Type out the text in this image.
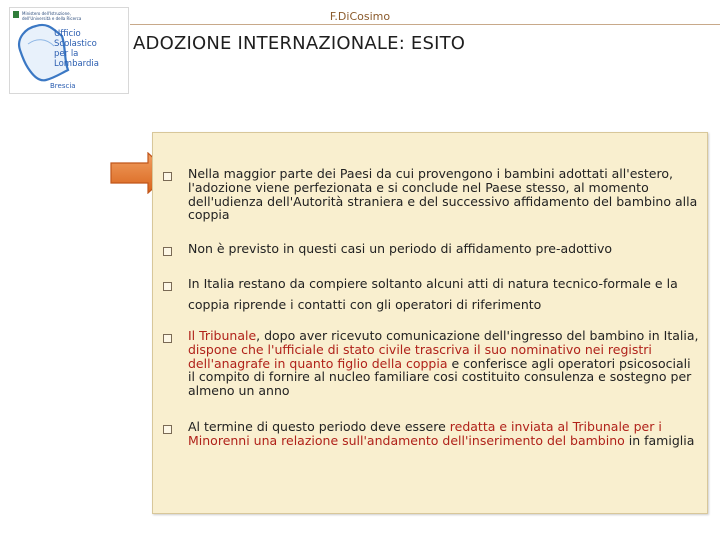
F.DiCosimo
Ministero dell'Istruzione,
dell'Università e della Ricerca
Ufficio
Scolastico
per la
Lombardia
Brescia
ADOZIONE INTERNAZIONALE: ESITO
Nella maggior parte dei Paesi da cui provengono i bambini adottati all'estero, l'adozione viene perfezionata e si conclude nel Paese stesso, al momento dell'udienza dell'Autorità straniera e del successivo affidamento del bambino alla coppia
Non è previsto in questi casi un periodo di affidamento pre-adottivo
In Italia restano da compiere soltanto alcuni atti di natura tecnico-formale e la coppia riprende i contatti con gli operatori di riferimento
Il Tribunale, dopo aver ricevuto comunicazione dell'ingresso del bambino in Italia, dispone che l'ufficiale di stato civile trascriva il suo nominativo nei registri dell'anagrafe in quanto figlio della coppia e conferisce agli operatori psicosociali il compito di fornire al nucleo familiare cosi costituito consulenza e sostegno per almeno un anno
Al termine di questo periodo deve essere redatta e inviata al Tribunale per i Minorenni una relazione sull'andamento dell'inserimento del bambino in famiglia
